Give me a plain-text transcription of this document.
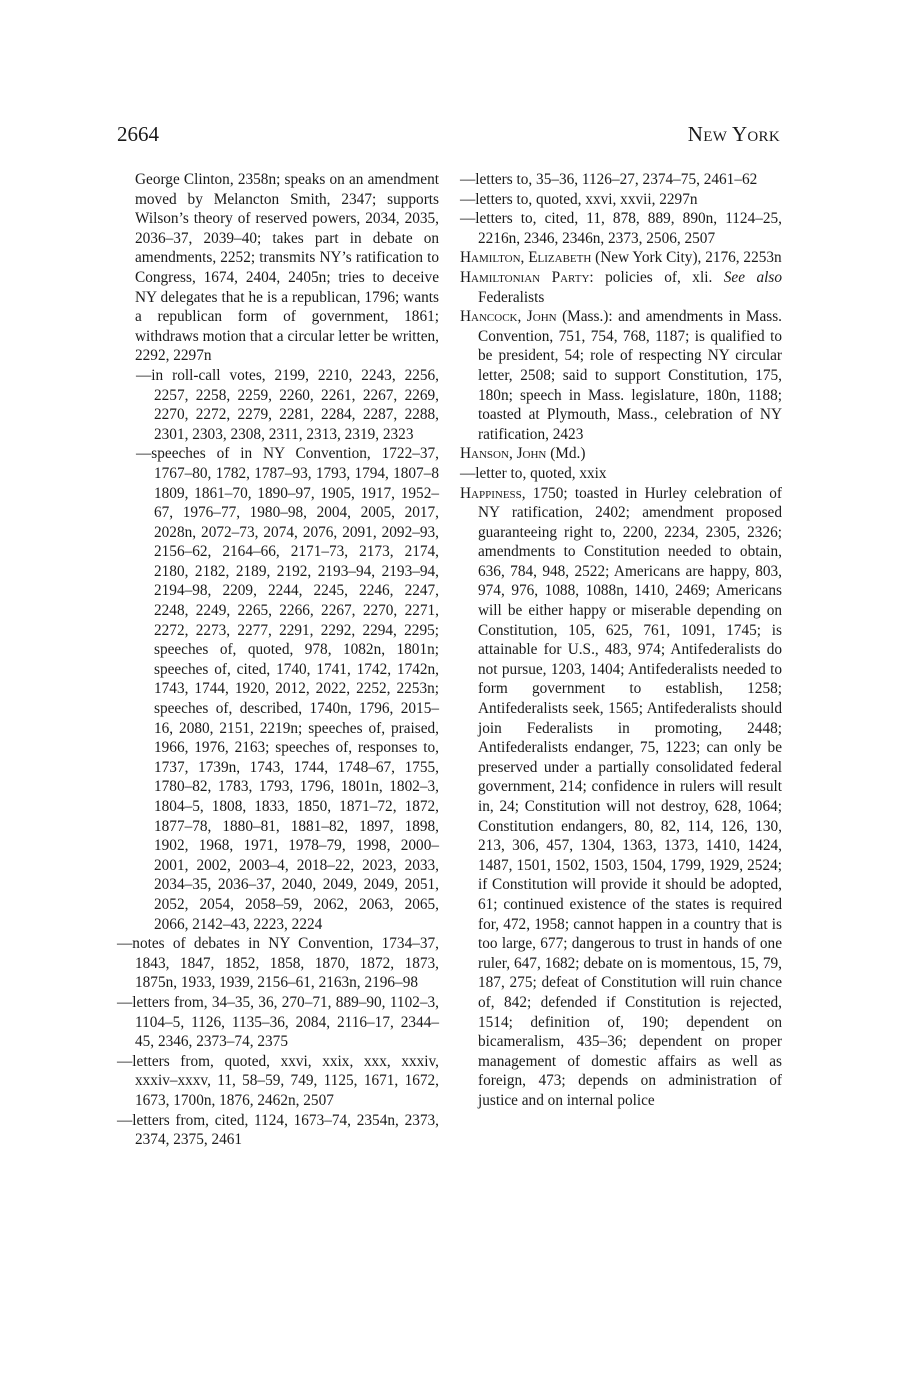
2664	New York
George Clinton, 2358n; speaks on an amendment moved by Melancton Smith, 2347; supports Wilson’s theory of reserved powers, 2034, 2035, 2036–37, 2039–40; takes part in debate on amendments, 2252; transmits NY’s ratification to Congress, 1674, 2404, 2405n; tries to deceive NY delegates that he is a republican, 1796; wants a republican form of government, 1861; withdraws motion that a circular letter be written, 2292, 2297n
—in roll-call votes, 2199, 2210, 2243, 2256, 2257, 2258, 2259, 2260, 2261, 2267, 2269, 2270, 2272, 2279, 2281, 2284, 2287, 2288, 2301, 2303, 2308, 2311, 2313, 2319, 2323
—speeches of in NY Convention, 1722–37, 1767–80, 1782, 1787–93, 1793, 1794, 1807–8 1809, 1861–70, 1890–97, 1905, 1917, 1952–67, 1976–77, 1980–98, 2004, 2005, 2017, 2028n, 2072–73, 2074, 2076, 2091, 2092–93, 2156–62, 2164–66, 2171–73, 2173, 2174, 2180, 2182, 2189, 2192, 2193–94, 2193–94, 2194–98, 2209, 2244, 2245, 2246, 2247, 2248, 2249, 2265, 2266, 2267, 2270, 2271, 2272, 2273, 2277, 2291, 2292, 2294, 2295; speeches of, quoted, 978, 1082n, 1801n; speeches of, cited, 1740, 1741, 1742, 1742n, 1743, 1744, 1920, 2012, 2022, 2252, 2253n; speeches of, described, 1740n, 1796, 2015–16, 2080, 2151, 2219n; speeches of, praised, 1966, 1976, 2163; speeches of, responses to, 1737, 1739n, 1743, 1744, 1748–67, 1755, 1780–82, 1783, 1793, 1796, 1801n, 1802–3, 1804–5, 1808, 1833, 1850, 1871–72, 1872, 1877–78, 1880–81, 1881–82, 1897, 1898, 1902, 1968, 1971, 1978–79, 1998, 2000–2001, 2002, 2003–4, 2018–22, 2023, 2033, 2034–35, 2036–37, 2040, 2049, 2049, 2051, 2052, 2054, 2058–59, 2062, 2063, 2065, 2066, 2142–43, 2223, 2224
—notes of debates in NY Convention, 1734–37, 1843, 1847, 1852, 1858, 1870, 1872, 1873, 1875n, 1933, 1939, 2156–61, 2163n, 2196–98
—letters from, 34–35, 36, 270–71, 889–90, 1102–3, 1104–5, 1126, 1135–36, 2084, 2116–17, 2344–45, 2346, 2373–74, 2375
—letters from, quoted, xxvi, xxix, xxx, xxxiv, xxxiv–xxxv, 11, 58–59, 749, 1125, 1671, 1672, 1673, 1700n, 1876, 2462n, 2507
—letters from, cited, 1124, 1673–74, 2354n, 2373, 2374, 2375, 2461
—letters to, 35–36, 1126–27, 2374–75, 2461–62
—letters to, quoted, xxvi, xxvii, 2297n
—letters to, cited, 11, 878, 889, 890n, 1124–25, 2216n, 2346, 2346n, 2373, 2506, 2507
Hamilton, Elizabeth (New York City), 2176, 2253n
Hamiltonian Party: policies of, xli. See also Federalists
Hancock, John (Mass.): and amendments in Mass. Convention, 751, 754, 768, 1187; is qualified to be president, 54; role of respecting NY circular letter, 2508; said to support Constitution, 175, 180n; speech in Mass. legislature, 180n, 1188; toasted at Plymouth, Mass., celebration of NY ratification, 2423
Hanson, John (Md.)
—letter to, quoted, xxix
Happiness, 1750; toasted in Hurley celebration of NY ratification, 2402; amendment proposed guaranteeing right to, 2200, 2234, 2305, 2326; amendments to Constitution needed to obtain, 636, 784, 948, 2522; Americans are happy, 803, 974, 976, 1088, 1088n, 1410, 2469; Americans will be either happy or miserable depending on Constitution, 105, 625, 761, 1091, 1745; is attainable for U.S., 483, 974; Antifederalists do not pursue, 1203, 1404; Antifederalists needed to form government to establish, 1258; Antifederalists seek, 1565; Antifederalists should join Federalists in promoting, 2448; Antifederalists endanger, 75, 1223; can only be preserved under a partially consolidated federal government, 214; confidence in rulers will result in, 24; Constitution will not destroy, 628, 1064; Constitution endangers, 80, 82, 114, 126, 130, 213, 306, 457, 1304, 1363, 1373, 1410, 1424, 1487, 1501, 1502, 1503, 1504, 1799, 1929, 2524; if Constitution will provide it should be adopted, 61; continued existence of the states is required for, 472, 1958; cannot happen in a country that is too large, 677; dangerous to trust in hands of one ruler, 647, 1682; debate on is momentous, 15, 79, 187, 275; defeat of Constitution will ruin chance of, 842; defended if Constitution is rejected, 1514; definition of, 190; dependent on bicameralism, 435–36; dependent on proper management of domestic affairs as well as foreign, 473; depends on administration of justice and on internal police
